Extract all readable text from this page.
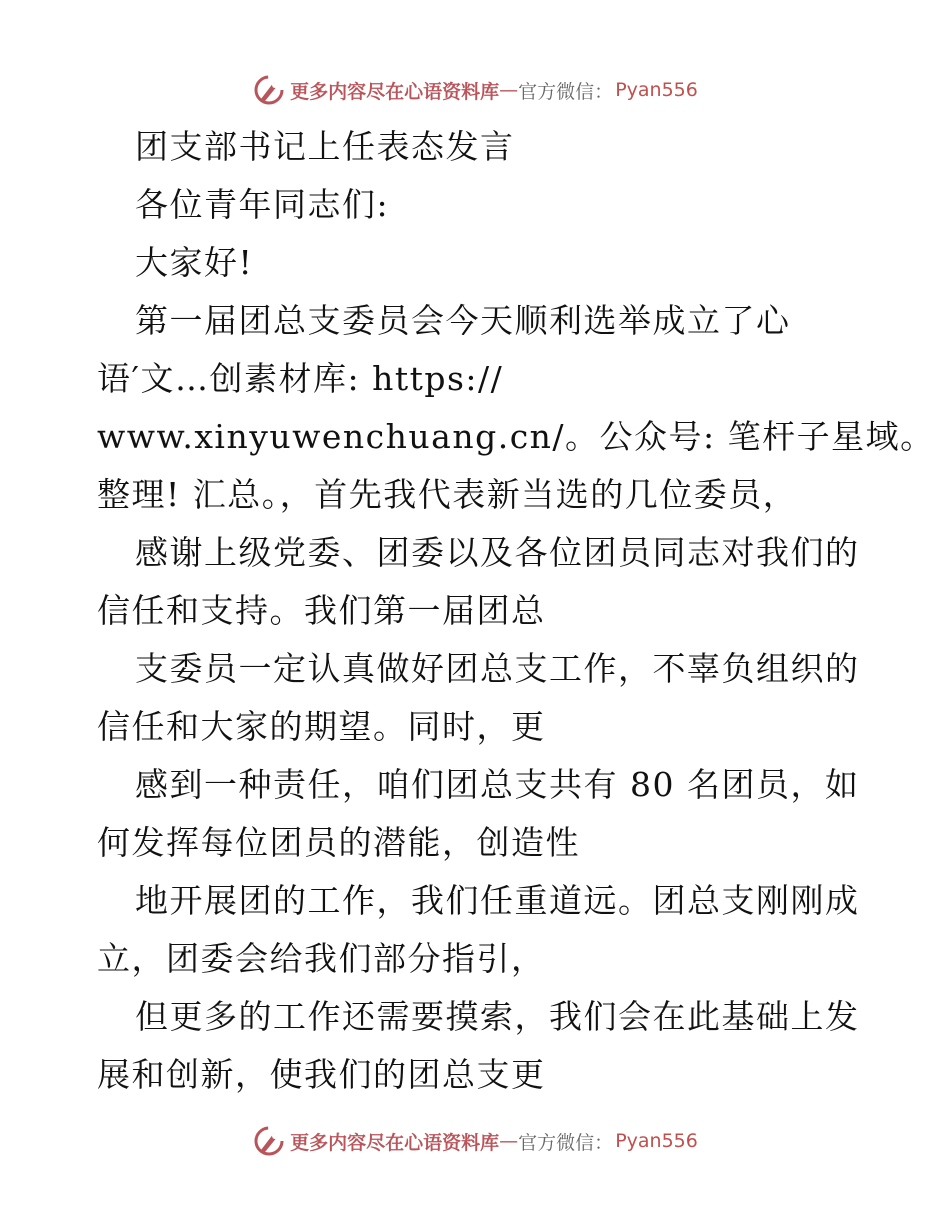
更多内容尽在心语资料库 — 官方微信： Pyan556
团支部书记上任表态发言
各位青年同志们:
大家好!
第一届团总支委员会今天顺利选举成立了心
语′文…创素材库: https://
www.xinyuwenchuang.cn/。公众号: 笔杆子星域。
整理! 汇总。，首先我代表新当选的几位委员，
感谢上级党委、团委以及各位团员同志对我们的
信任和支持。我们第一届团总
支委员一定认真做好团总支工作，不辜负组织的
信任和大家的期望。同时，更
感到一种责任，咱们团总支共有 80 名团员，如
何发挥每位团员的潜能，创造性
地开展团的工作，我们任重道远。团总支刚刚成
立，团委会给我们部分指引，
但更多的工作还需要摸索，我们会在此基础上发
展和创新，使我们的团总支更
更多内容尽在心语资料库 — 官方微信： Pyan556
